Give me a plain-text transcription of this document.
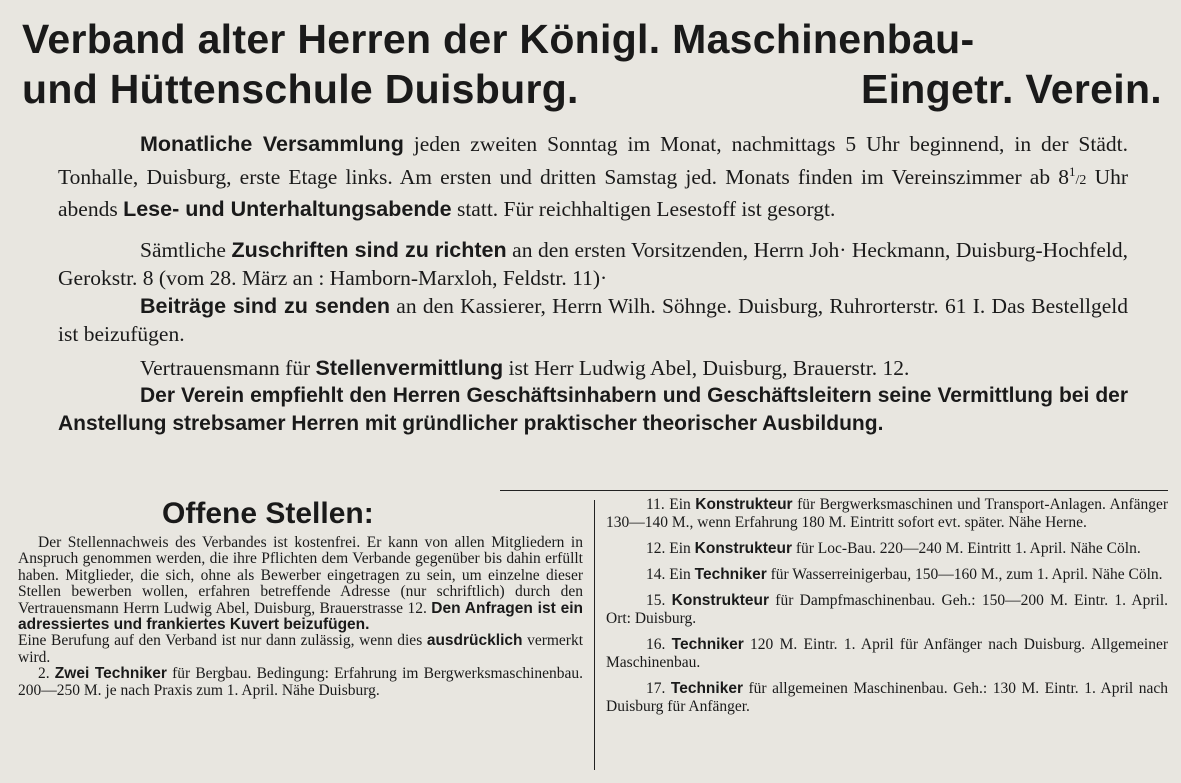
Verband alter Herren der Königl. Maschinenbau-
und Hüttenschule Duisburg.	Eingetr. Verein.

Monatliche Versammlung jeden zweiten Sonntag im Monat, nachmittags 5 Uhr beginnend, in der Städt. Tonhalle, Duisburg, erste Etage links. Am ersten und dritten Samstag jed. Monats finden im Vereinszimmer ab $8^1/2$ Uhr abends Lese- und Unterhaltungsabende statt. Für reichhaltigen Lesestoff ist gesorgt.

Sämtliche Zuschriften sind zu richten an den ersten Vorsitzenden, Herrn Joh· Heckmann, Duisburg-Hochfeld, Gerokstr. 8 (vom 28. März an : Hamborn-Marxloh, Feldstr. 11)·

Beiträge sind zu senden an den Kassierer, Herrn Wilh. Söhnge. Duisburg, Ruhrorterstr. 61 I. Das Bestellgeld ist beizufügen.

Vertrauensmann für Stellenvermittlung ist Herr Ludwig Abel, Duisburg, Brauerstr. 12.

Der Verein empfiehlt den Herren Geschäftsinhabern und Geschäftsleitern seine Vermittlung bei der Anstellung strebsamer Herren mit gründlicher praktischer theorischer Ausbildung.

Offene Stellen:

Der Stellennachweis des Verbandes ist kostenfrei. Er kann von allen Mitgliedern in Anspruch genommen werden, die ihre Pflichten dem Verbande gegenüber bis dahin erfüllt haben. Mitglieder, die sich, ohne als Bewerber eingetragen zu sein, um einzelne dieser Stellen bewerben wollen, erfahren betreffende Adresse (nur schriftlich) durch den Vertrauensmann Herrn Ludwig Abel, Duisburg, Brauerstrasse 12. Den Anfragen ist ein adressiertes und frankiertes Kuvert beizufügen.

Eine Berufung auf den Verband ist nur dann zulässig, wenn dies ausdrücklich vermerkt wird.

2. Zwei Techniker für Bergbau. Bedingung: Erfahrung im Bergwerksmaschinenbau. 200—250 M. je nach Praxis zum 1. April. Nähe Duisburg.

11. Ein Konstrukteur für Bergwerksmaschinen und Transport-Anlagen. Anfänger 130—140 M., wenn Erfahrung 180 M. Eintritt sofort evt. später. Nähe Herne.

12. Ein Konstrukteur für Loc-Bau. 220—240 M. Eintritt 1. April. Nähe Cöln.

14. Ein Techniker für Wasserreinigerbau, 150—160 M., zum 1. April. Nähe Cöln.

15. Konstrukteur für Dampfmaschinenbau. Geh.: 150—200 M. Eintr. 1. April. Ort: Duisburg.

16. Techniker 120 M. Eintr. 1. April für Anfänger nach Duisburg. Allgemeiner Maschinenbau.

17. Techniker für allgemeinen Maschinenbau. Geh.: 130 M. Eintr. 1. April nach Duisburg für Anfänger.
